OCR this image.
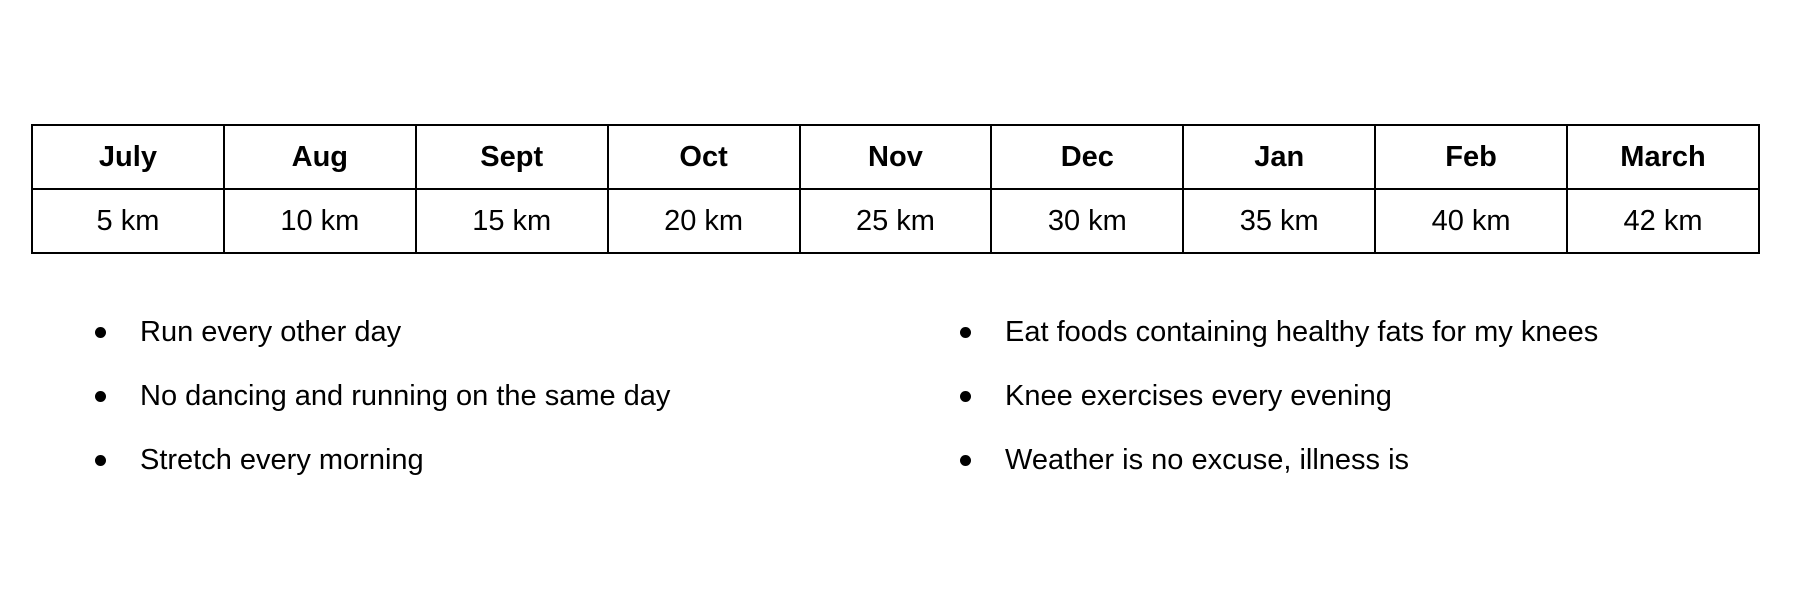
July	Aug	Sept	Oct	Nov	Dec	Jan	Feb	March
5 km	10 km	15 km	20 km	25 km	30 km	35 km	40 km	42 km
Run every other day
No dancing and running on the same day
Stretch every morning
Eat foods containing healthy fats for my knees
Knee exercises every evening
Weather is no excuse, illness is
